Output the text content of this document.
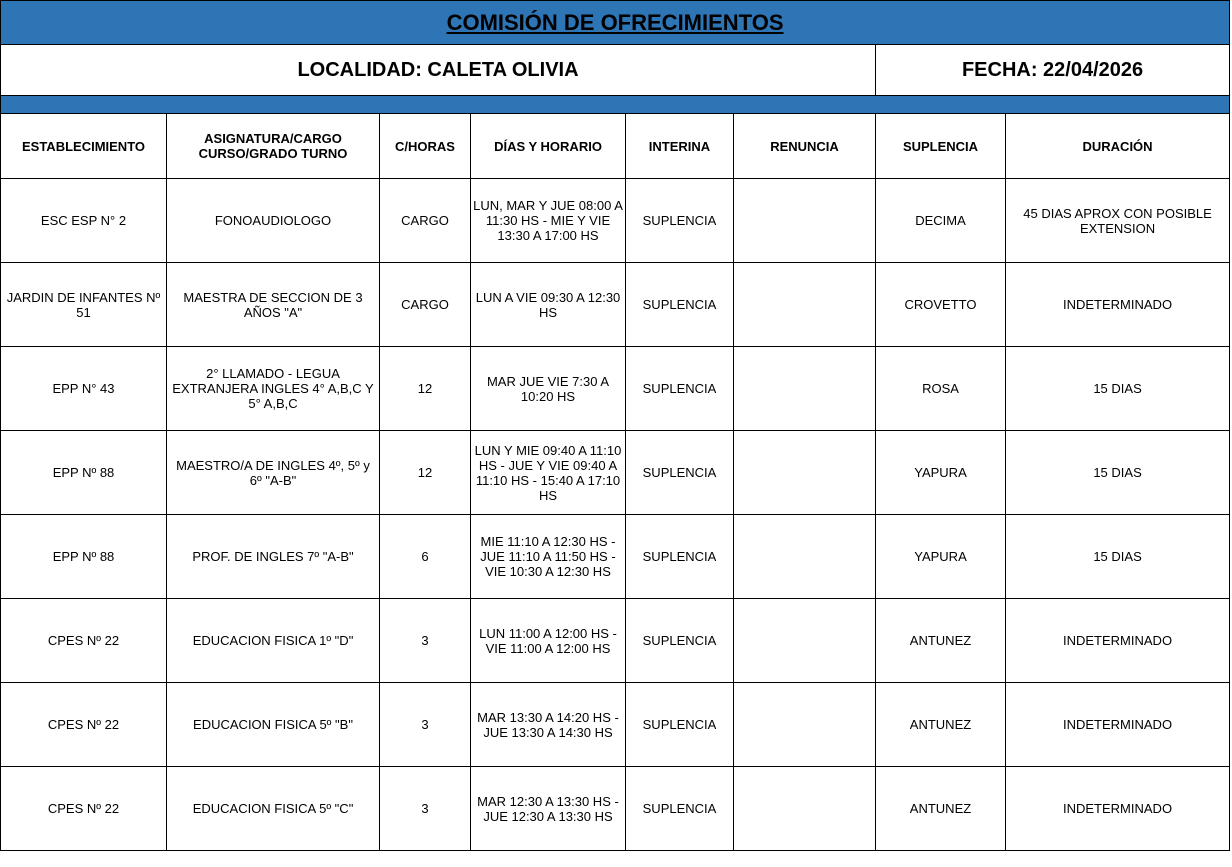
COMISIÓN DE OFRECIMIENTOS							
LOCALIDAD: CALETA OLIVIA						FECHA: 22/04/2026	

ESTABLECIMIENTO	ASIGNATURA/CARGO CURSO/GRADO TURNO	C/HORAS	DÍAS Y HORARIO	INTERINA	RENUNCIA	SUPLENCIA	DURACIÓN
ESC ESP N° 2	FONOAUDIOLOGO	CARGO	LUN, MAR Y JUE 08:00 A 11:30 HS - MIE Y VIE 13:30 A 17:00 HS	SUPLENCIA		DECIMA	45 DIAS APROX CON POSIBLE EXTENSION
JARDIN DE INFANTES Nº 51	MAESTRA DE SECCION DE 3 AÑOS "A"	CARGO	LUN A VIE 09:30 A 12:30 HS	SUPLENCIA		CROVETTO	INDETERMINADO
EPP N° 43	2° LLAMADO - LEGUA EXTRANJERA INGLES 4° A,B,C Y 5° A,B,C	12	MAR JUE VIE 7:30 A 10:20 HS	SUPLENCIA		ROSA	15 DIAS
EPP Nº 88	MAESTRO/A DE INGLES 4º, 5º y 6º "A-B"	12	LUN Y MIE 09:40 A 11:10 HS - JUE Y VIE 09:40 A 11:10 HS - 15:40 A 17:10 HS	SUPLENCIA		YAPURA	15 DIAS
EPP Nº 88	PROF. DE INGLES 7º "A-B"	6	MIE 11:10 A 12:30 HS - JUE 11:10 A 11:50 HS - VIE 10:30 A 12:30 HS	SUPLENCIA		YAPURA	15 DIAS
CPES Nº 22	EDUCACION FISICA 1º "D"	3	LUN 11:00 A 12:00 HS - VIE 11:00 A 12:00 HS	SUPLENCIA		ANTUNEZ	INDETERMINADO
CPES Nº 22	EDUCACION FISICA 5º "B"	3	MAR 13:30 A 14:20 HS - JUE 13:30 A 14:30 HS	SUPLENCIA		ANTUNEZ	INDETERMINADO
CPES Nº 22	EDUCACION FISICA 5º "C"	3	MAR 12:30 A 13:30 HS - JUE 12:30 A 13:30 HS	SUPLENCIA		ANTUNEZ	INDETERMINADO
